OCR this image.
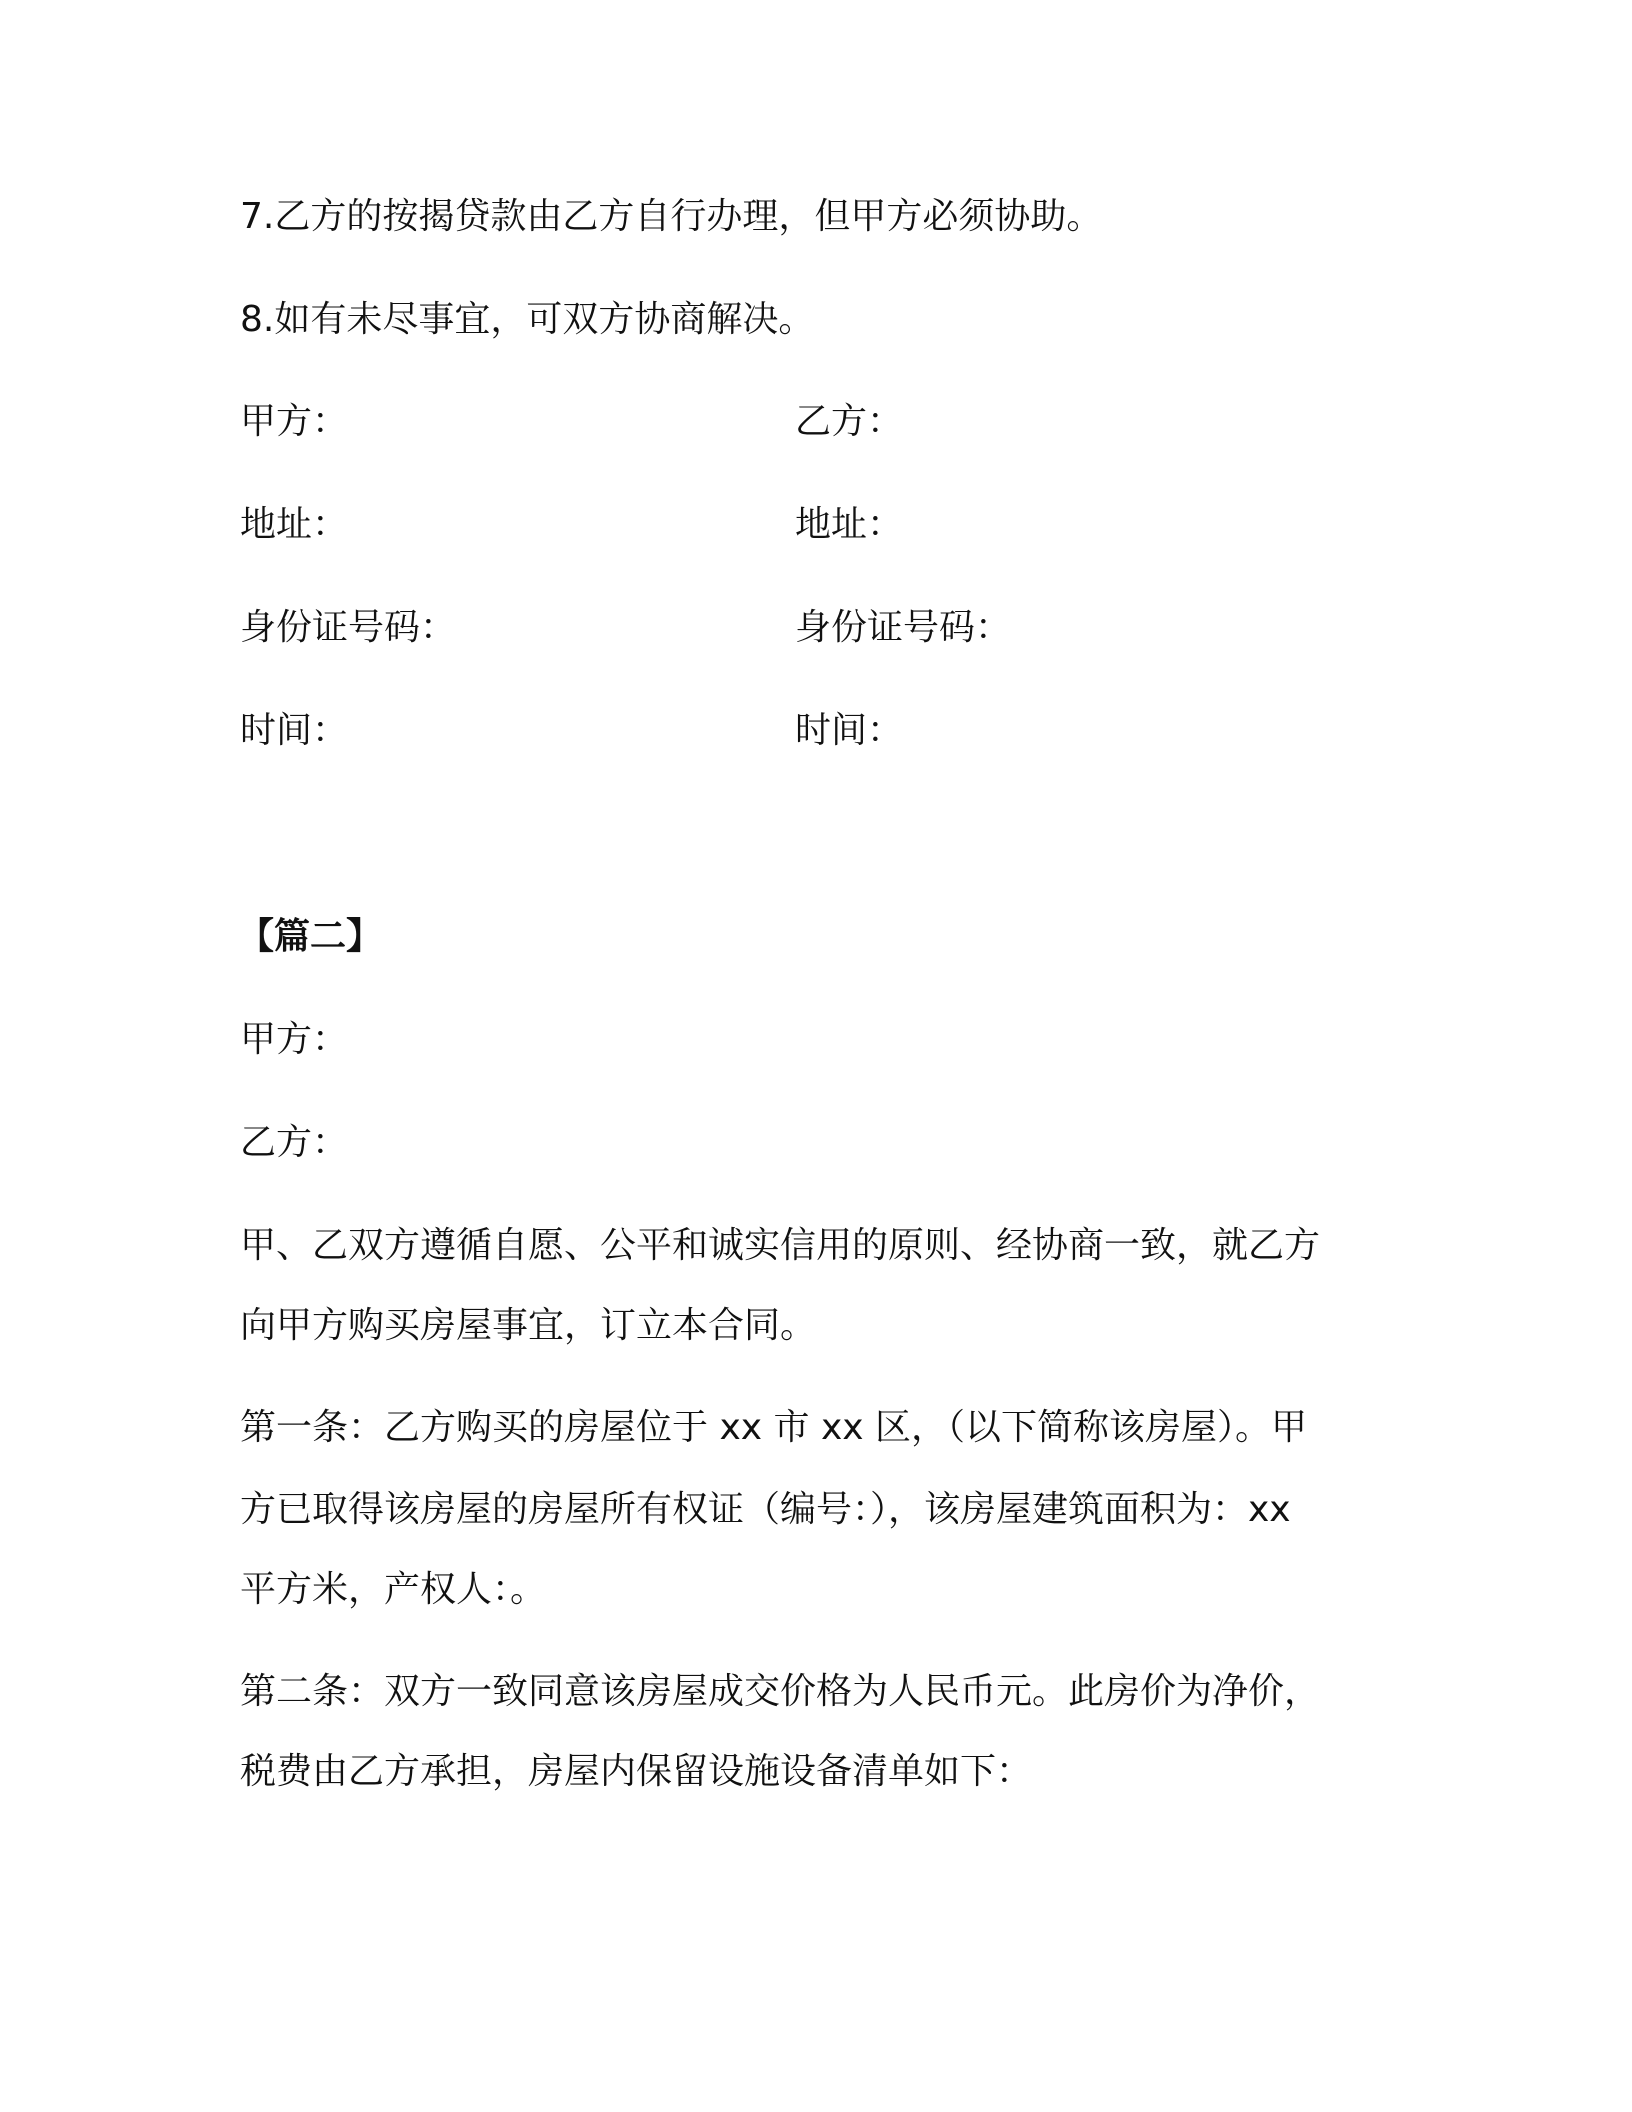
7.乙方的按揭贷款由乙方自行办理，但甲方必须协助。
8.如有未尽事宜，可双方协商解决。
甲方：	乙方：
地址：	地址：
身份证号码：	身份证号码：
时间：	时间：
【篇二】
甲方：
乙方：
甲、乙双方遵循自愿、公平和诚实信用的原则、经协商一致，就乙方
向甲方购买房屋事宜，订立本合同。
第一条：乙方购买的房屋位于 xx 市 xx 区，（以下简称该房屋）。甲
方已取得该房屋的房屋所有权证（编号：），该房屋建筑面积为：xx
平方米，产权人：。
第二条：双方一致同意该房屋成交价格为人民币元。此房价为净价，
税费由乙方承担，房屋内保留设施设备清单如下：
